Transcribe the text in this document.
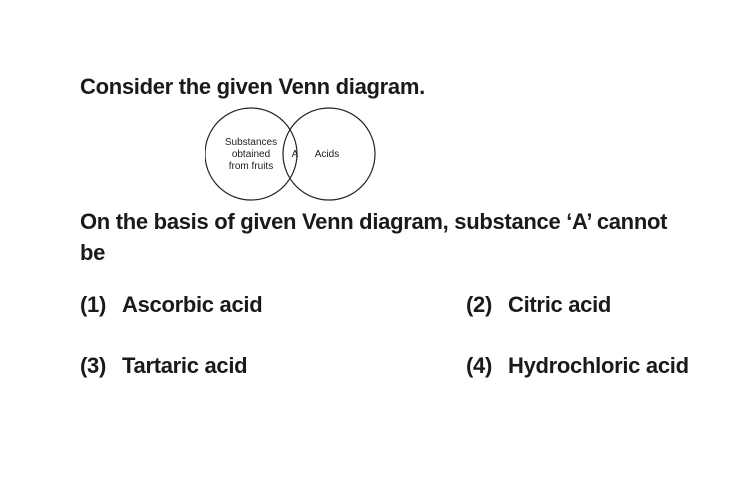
Consider the given Venn diagram.
Substances
obtained
from fruits
A Acids
On the basis of given Venn diagram, substance ‘A’ cannot
be
(1) Ascorbic acid	(2) Citric acid
(3) Tartaric acid	(4) Hydrochloric acid
